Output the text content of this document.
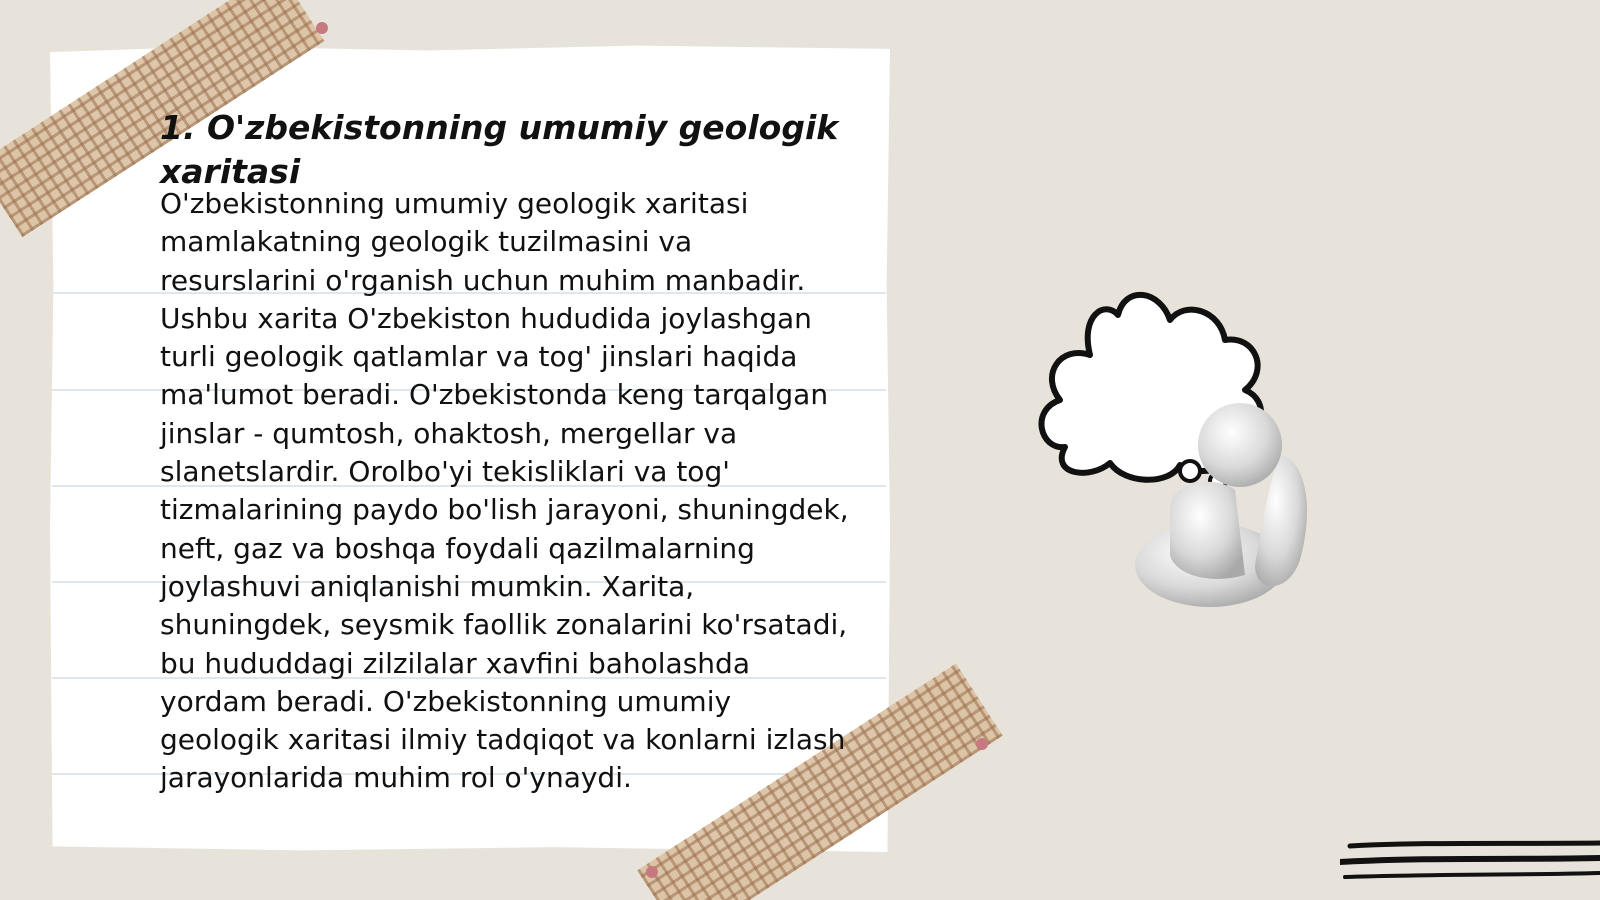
1. O'zbekistonning umumiy geologik xaritasi

O'zbekistonning umumiy geologik xaritasi mamlakatning geologik tuzilmasini va resurslarini o'rganish uchun muhim manbadir. Ushbu xarita O'zbekiston hududida joylashgan turli geologik qatlamlar va tog' jinslari haqida ma'lumot beradi. O'zbekistonda keng tarqalgan jinslar - qumtosh, ohaktosh, mergellar va slanetslardir. Orolbo'yi tekisliklari va tog' tizmalarining paydo bo'lish jarayoni, shuningdek, neft, gaz va boshqa foydali qazilmalarning joylashuvi aniqlanishi mumkin. Xarita, shuningdek, seysmik faollik zonalarini ko'rsatadi, bu hududdagi zilzilalar xavfini baholashda yordam beradi. O'zbekistonning umumiy geologik xaritasi ilmiy tadqiqot va konlarni izlash jarayonlarida muhim rol o'ynaydi.
